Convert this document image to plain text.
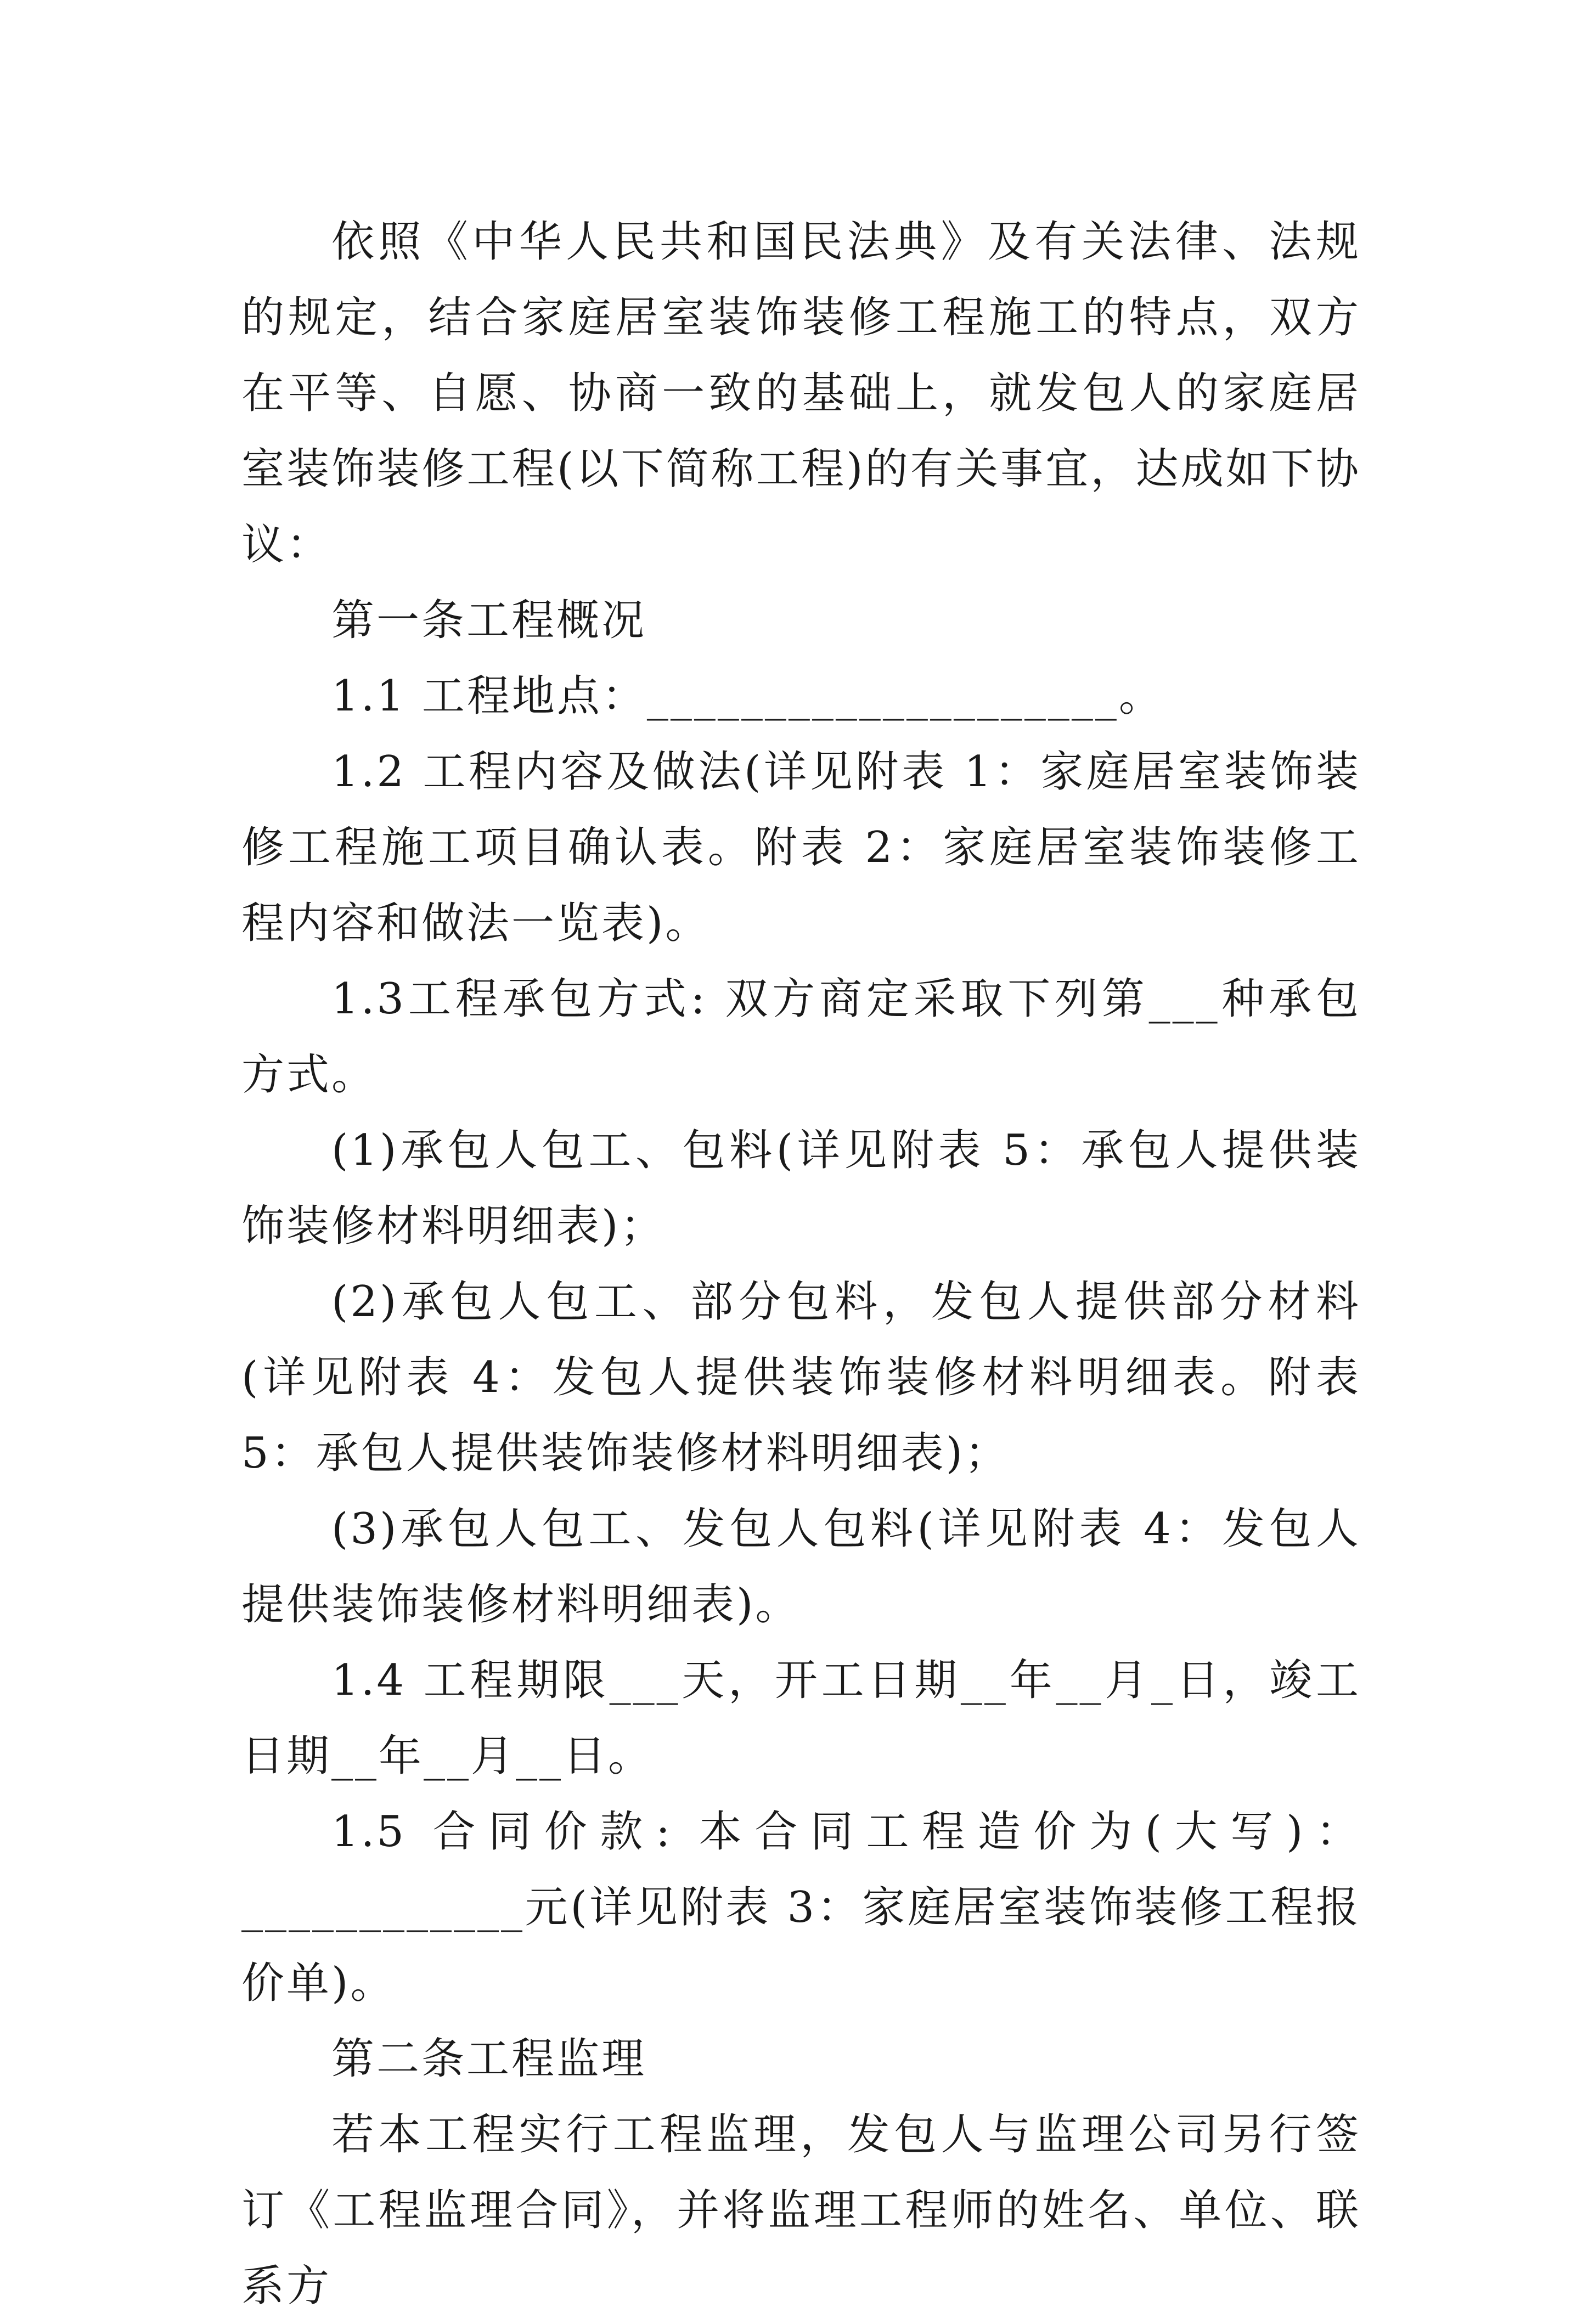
依照《中华人民共和国民法典》及有关法律、法规的规定，结合家庭居室装饰装修工程施工的特点，双方在平等、自愿、协商一致的基础上，就发包人的家庭居室装饰装修工程(以下简称工程)的有关事宜，达成如下协议：

第一条工程概况

1.1 工程地点：____________________。

1.2 工程内容及做法(详见附表 1：家庭居室装饰装修工程施工项目确认表。附表 2：家庭居室装饰装修工程内容和做法一览表)。

1.3工程承包方式: 双方商定采取下列第___种承包方式。

(1)承包人包工、包料(详见附表 5：承包人提供装饰装修材料明细表)；

(2)承包人包工、部分包料，发包人提供部分材料(详见附表 4：发包人提供装饰装修材料明细表。附表 5：承包人提供装饰装修材料明细表)；

(3)承包人包工、发包人包料(详见附表 4：发包人提供装饰装修材料明细表)。

1.4 工程期限___天，开工日期__年__月_日，竣工日期__年__月__日。

1.5 合同价款: 本合同工程造价为(大写)：____________元(详见附表 3：家庭居室装饰装修工程报价单)。

第二条工程监理

若本工程实行工程监理，发包人与监理公司另行签订《工程监理合同》，并将监理工程师的姓名、单位、联系方
